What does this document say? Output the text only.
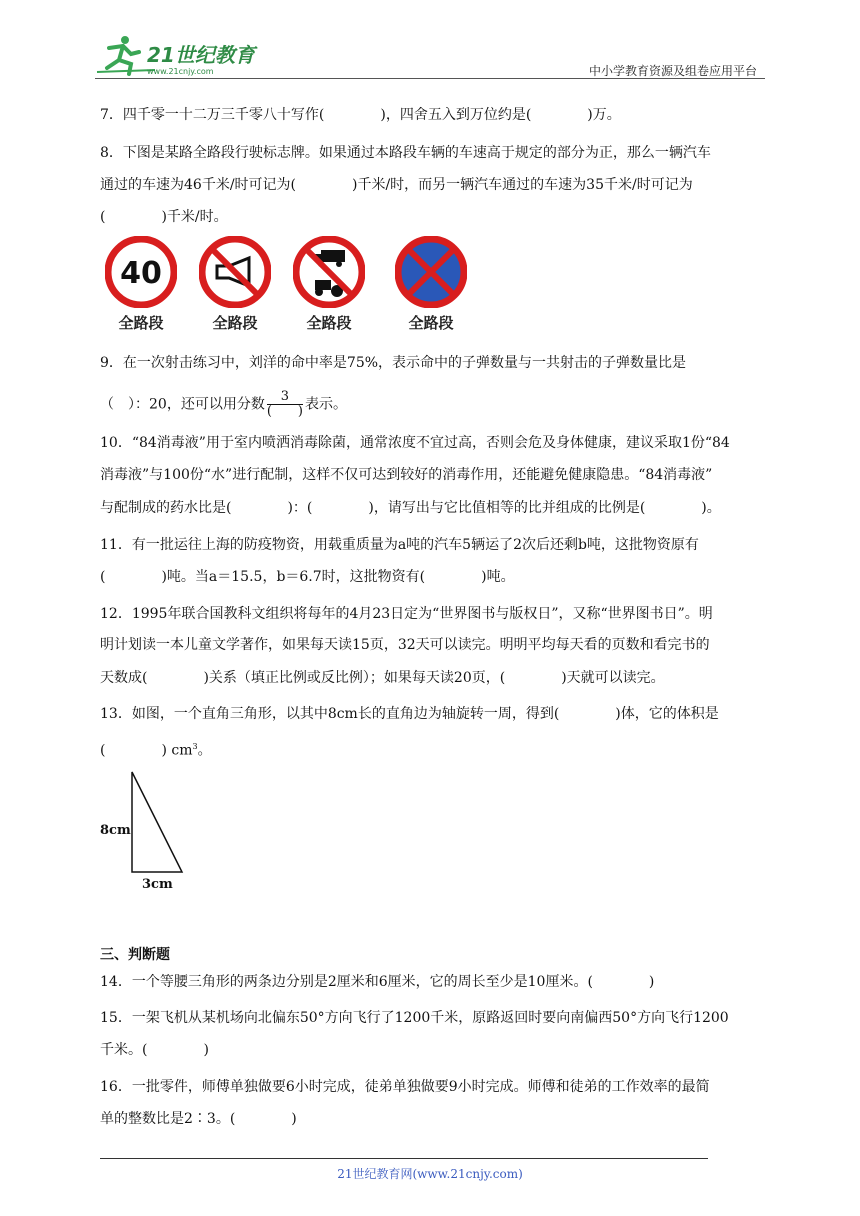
21世纪教育
www.21cnjy.com	中小学教育资源及组卷应用平台
7．四千零一十二万三千零八十写作(　　　　)，四舍五入到万位约是(　　　　)万。
8．下图是某路全路段行驶标志牌。如果通过本路段车辆的车速高于规定的部分为正，那么一辆汽车
通过的车速为46千米/时可记为(　　　　)千米/时，而另一辆汽车通过的车速为35千米/时可记为
(　　　　)千米/时。
40
全路段	全路段	全路段	全路段
9．在一次射击练习中，刘洋的命中率是75%，表示命中的子弹数量与一共射击的子弹数量比是
（　）：20，还可以用分数 $\frac{3}{( )}$ 表示。
10．“84消毒液”用于室内喷洒消毒除菌，通常浓度不宜过高，否则会危及身体健康，建议采取1份“84
消毒液”与100份“水”进行配制，这样不仅可达到较好的消毒作用，还能避免健康隐患。“84消毒液”
与配制成的药水比是(　　　　)：(　　　　)，请写出与它比值相等的比并组成的比例是(　　　　)。
11．有一批运往上海的防疫物资，用载重质量为a吨的汽车5辆运了2次后还剩b吨，这批物资原有
(　　　　)吨。当a＝15.5，b＝6.7时，这批物资有(　　　　)吨。
12．1995年联合国教科文组织将每年的4月23日定为“世界图书与版权日”，又称“世界图书日”。明
明计划读一本儿童文学著作，如果每天读15页，32天可以读完。明明平均每天看的页数和看完书的
天数成(　　　　)关系（填正比例或反比例）；如果每天读20页，(　　　　)天就可以读完。
13．如图，一个直角三角形，以其中8cm长的直角边为轴旋转一周，得到(　　　　)体，它的体积是
(　　　　) $cm^3$。
8cm
3cm
三、判断题
14．一个等腰三角形的两条边分别是2厘米和6厘米，它的周长至少是10厘米。(　　　　)
15．一架飞机从某机场向北偏东50°方向飞行了1200千米，原路返回时要向南偏西50°方向飞行1200
千米。(　　　　)
16．一批零件，师傅单独做要6小时完成，徒弟单独做要9小时完成。师傅和徒弟的工作效率的最简
单的整数比是2∶3。(　　　　)
21世纪教育网(www.21cnjy.com)
